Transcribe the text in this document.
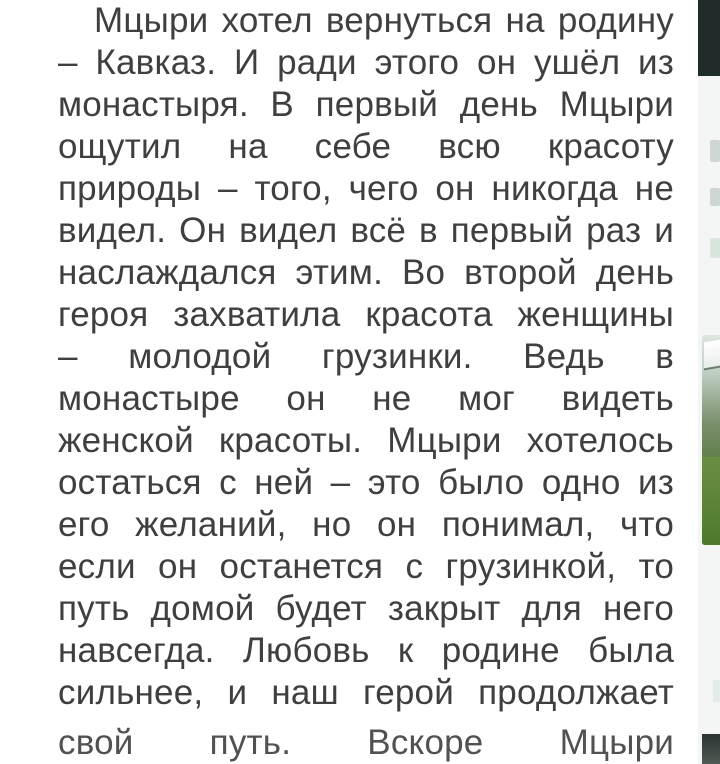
Мцыри хотел вернуться на родину
– Кавказ. И ради этого он ушёл из
монастыря. В первый день Мцыри
ощутил на себе всю красоту
природы – того, чего он никогда не
видел. Он видел всё в первый раз и
наслаждался этим. Во второй день
героя захватила красота женщины
– молодой грузинки. Ведь в
монастыре он не мог видеть
женской красоты. Мцыри хотелось
остаться с ней – это было одно из
его желаний, но он понимал, что
если он останется с грузинкой, то
путь домой будет закрыт для него
навсегда. Любовь к родине была
сильнее, и наш герой продолжает
свой путь. Вскоре Мцыри
